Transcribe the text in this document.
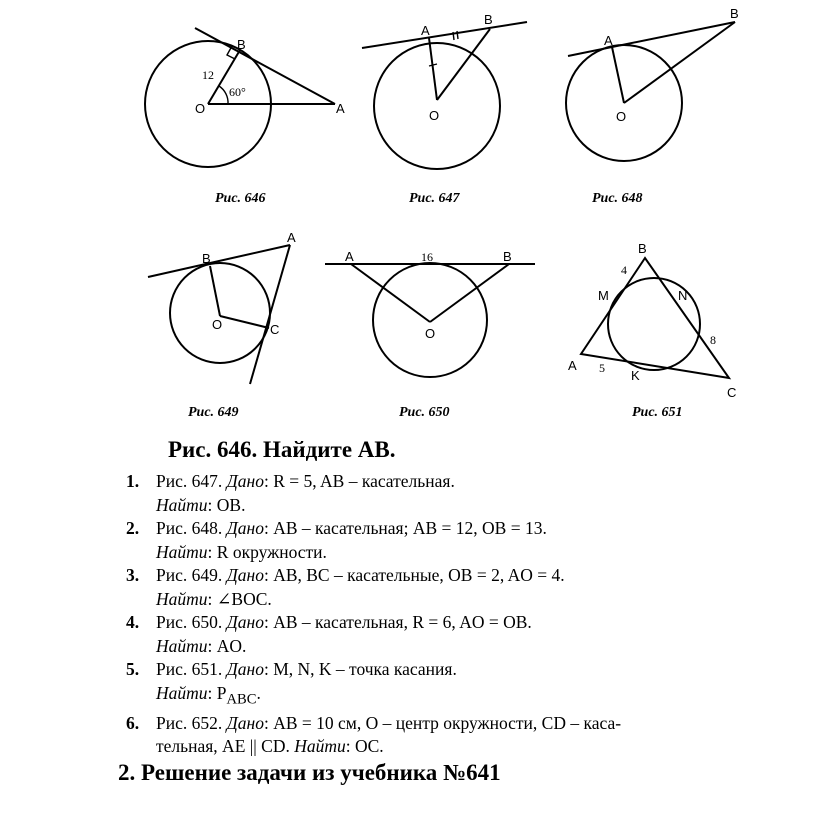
B
O	A
12
60°
Рис. 646
A
B
O
Рис. 647
A
B
O
Рис. 648
B
A
O	C
Рис. 649
A	B
16
O
Рис. 650
B
M	N
K
A
C
4
8
5
Рис. 651
Рис. 646. Найдите АВ.
1. Рис. 647. Дано: R = 5, AB – касательная.
Найти: OB.
2. Рис. 648. Дано: AB – касательная; AB = 12, OB = 13.
Найти: R окружности.
3. Рис. 649. Дано: AB, BC – касательные, OB = 2, AO = 4.
Найти: ∠BOC.
4. Рис. 650. Дано: AB – касательная, R = 6, AO = OB.
Найти: AO.
5. Рис. 651. Дано: M, N, K – точка касания.
Найти: $P_{ABC}$.
6. Рис. 652. Дано: AB = 10 см, O – центр окружности, CD – каса-
тельная, AE || CD. Найти: OC.
2. Решение задачи из учебника №641
